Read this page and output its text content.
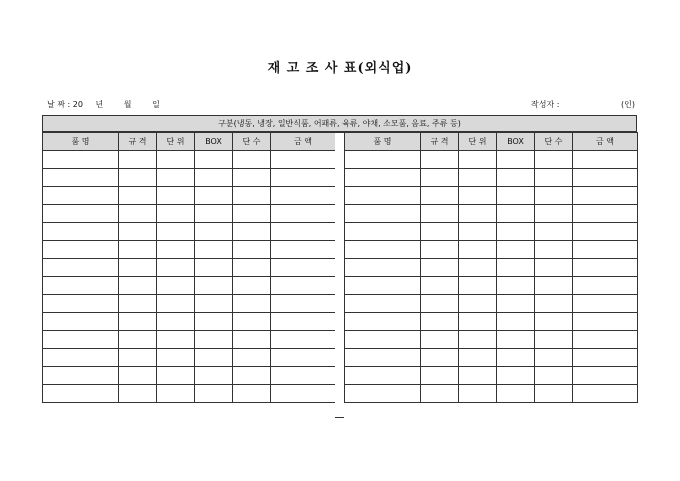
재 고 조 사 표(외식업)
날 짜 : 20 년	월	일	작성자 :	(인)
구분(냉동, 냉장, 일반식품, 어패류, 육류, 야채, 소모품, 음료, 주류 등)
품 명	규 격	단 위	BOX	단 수	금 액

						품 명	규 격	단 위	BOX	단 수	금 액
